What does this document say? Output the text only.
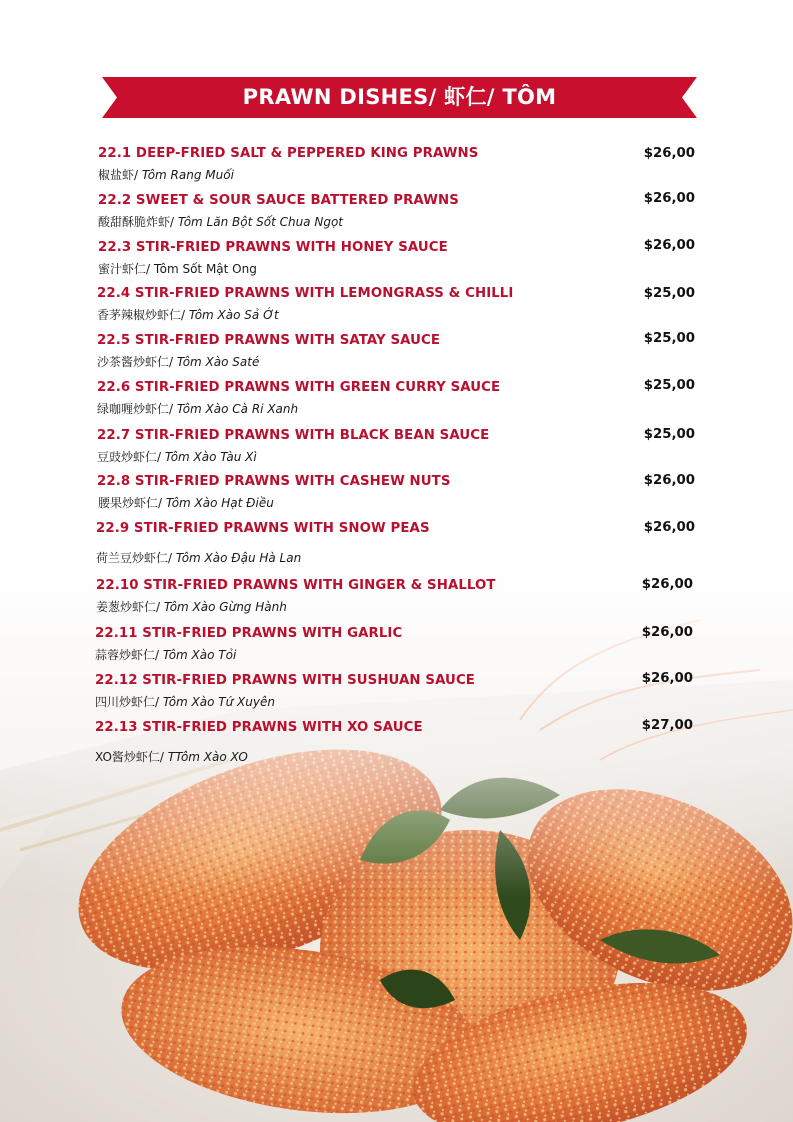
PRAWN DISHES/ 虾仁/ TÔM
22.1 DEEP-FRIED SALT & PEPPERED KING PRAWNS
椒盐虾/ Tôm Rang Muối
$26,00
22.2 SWEET & SOUR SAUCE BATTERED PRAWNS
酸甜酥脆炸虾/ Tôm Lăn Bột Sốt Chua Ngọt
$26,00
22.3 STIR-FRIED PRAWNS WITH HONEY SAUCE
蜜汁虾仁/ Tôm Sốt Mật Ong
$26,00
22.4 STIR-FRIED PRAWNS WITH LEMONGRASS & CHILLI
香茅辣椒炒虾仁/ Tôm Xào Sả Ớt
$25,00
22.5 STIR-FRIED PRAWNS WITH SATAY SAUCE
沙茶酱炒虾仁/ Tôm Xào Saté
$25,00
22.6 STIR-FRIED PRAWNS WITH GREEN CURRY SAUCE
绿咖喱炒虾仁/ Tôm Xào Cà Ri Xanh
$25,00
22.7 STIR-FRIED PRAWNS WITH BLACK BEAN SAUCE
豆豉炒虾仁/ Tôm Xào Tàu Xì
$25,00
22.8 STIR-FRIED PRAWNS WITH CASHEW NUTS
腰果炒虾仁/ Tôm Xào Hạt Điều
$26,00
22.9 STIR-FRIED PRAWNS WITH SNOW PEAS
荷兰豆炒虾仁/ Tôm Xào Đậu Hà Lan
$26,00
22.10 STIR-FRIED PRAWNS WITH GINGER & SHALLOT
姜葱炒虾仁/ Tôm Xào Gừng Hành
$26,00
22.11 STIR-FRIED PRAWNS WITH GARLIC
蒜蓉炒虾仁/ Tôm Xào Tỏi
$26,00
22.12 STIR-FRIED PRAWNS WITH SUSHUAN SAUCE
四川炒虾仁/ Tôm Xào Tứ Xuyên
$26,00
22.13 STIR-FRIED PRAWNS WITH XO SAUCE
XO酱炒虾仁/ TTôm Xào XO
$27,00
